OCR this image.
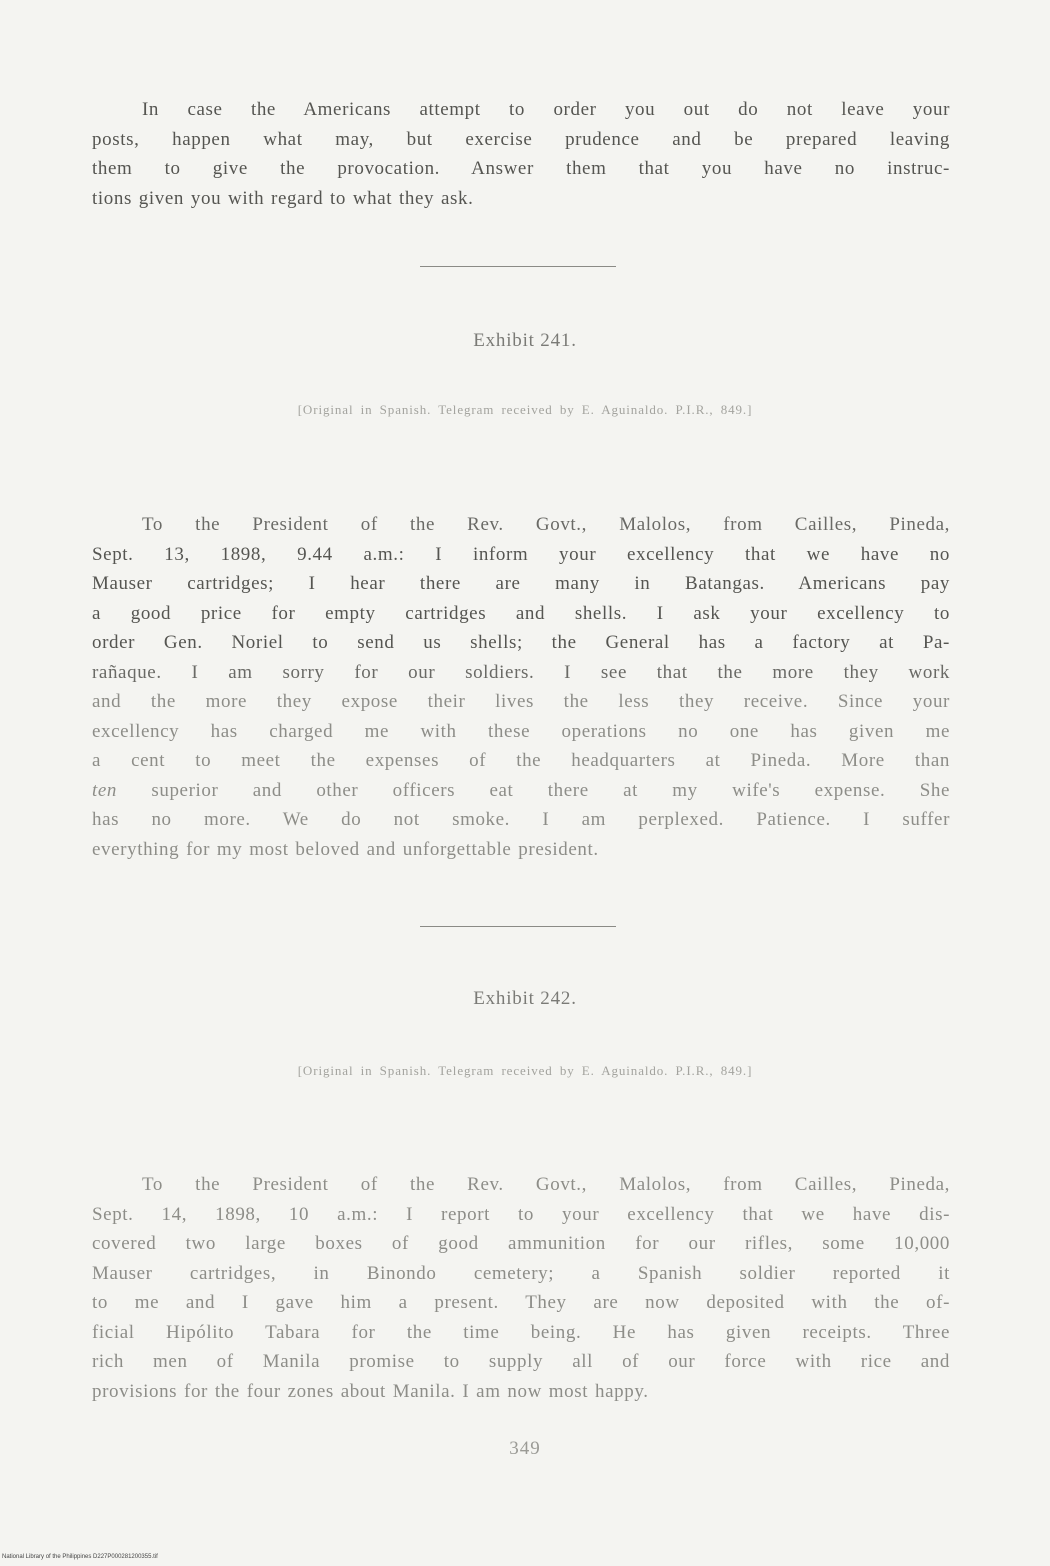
In case the Americans attempt to order you out do not leave your
posts, happen what may, but exercise prudence and be prepared leaving
them to give the provocation. Answer them that you have no instruc-
tions given you with regard to what they ask.
Exhibit 241.
[Original in Spanish. Telegram received by E. Aguinaldo. P.I.R., 849.]
To the President of the Rev. Govt., Malolos, from Cailles, Pineda,
Sept. 13, 1898, 9.44 a.m.: I inform your excellency that we have no
Mauser cartridges; I hear there are many in Batangas. Americans pay
a good price for empty cartridges and shells. I ask your excellency to
order Gen. Noriel to send us shells; the General has a factory at Pa-
rañaque. I am sorry for our soldiers. I see that the more they work
and the more they expose their lives the less they receive. Since your
excellency has charged me with these operations no one has given me
a cent to meet the expenses of the headquarters at Pineda. More than
ten superior and other officers eat there at my wife's expense. She
has no more. We do not smoke. I am perplexed. Patience. I suffer
everything for my most beloved and unforgettable president.
Exhibit 242.
[Original in Spanish. Telegram received by E. Aguinaldo. P.I.R., 849.]
To the President of the Rev. Govt., Malolos, from Cailles, Pineda,
Sept. 14, 1898, 10 a.m.: I report to your excellency that we have dis-
covered two large boxes of good ammunition for our rifles, some 10,000
Mauser cartridges, in Binondo cemetery; a Spanish soldier reported it
to me and I gave him a present. They are now deposited with the of-
ficial Hipólito Tabara for the time being. He has given receipts. Three
rich men of Manila promise to supply all of our force with rice and
provisions for the four zones about Manila. I am now most happy.
349
National Library of the Philippines D227P000281200355.tif
